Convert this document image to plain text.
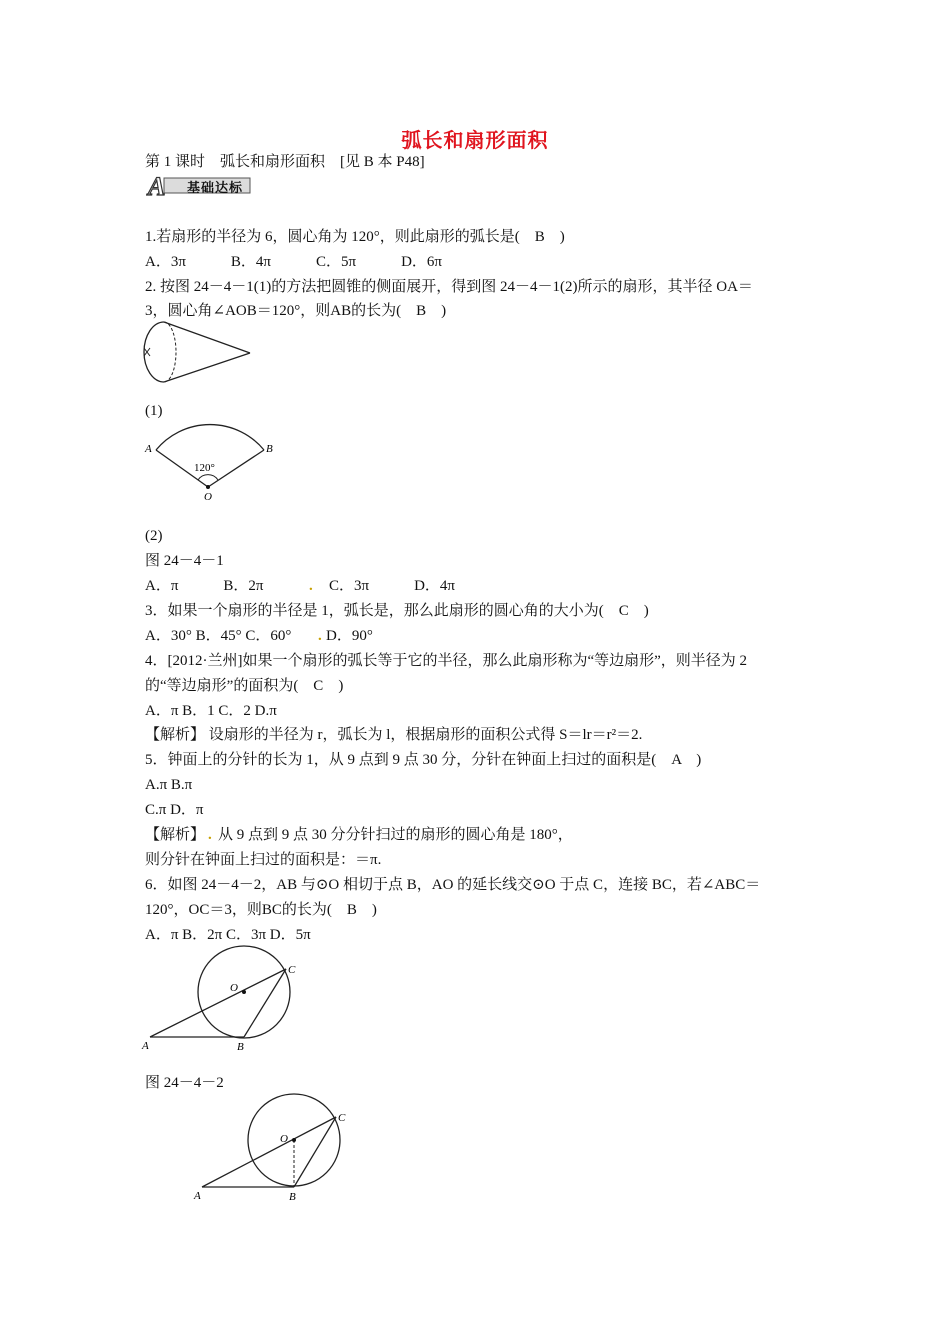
弧长和扇形面积
第 1 课时　弧长和扇形面积　[见 B 本 P48]
A 基础达标
1.若扇形的半径为 6，圆心角为 120°，则此扇形的弧长是(　B　)
A．3π　　　B．4π　　　C．5π　　　D．6π
2. 按图 24－4－1(1)的方法把圆锥的侧面展开，得到图 24－4－1(2)所示的扇形，其半径 OA＝
3，圆心角∠AOB＝120°，则AB的长为(　B　)
(1)
A	B
O
120°
(2)
图 24－4－1
A．π　　　B．2π　　 . C．3π　　　D．4π
3．如果一个扇形的半径是 1，弧长是，那么此扇形的圆心角的大小为(　C　)
A．30° B．45° C．60° . D．90°
4．[2012·兰州]如果一个扇形的弧长等于它的半径，那么此扇形称为“等边扇形”，则半径为 2
的“等边扇形”的面积为(　C　)
A．π B．1 C．2 D.π
【解析】 设扇形的半径为 r，弧长为 l，根据扇形的面积公式得 S＝lr＝r²＝2.
5．钟面上的分针的长为 1，从 9 点到 9 点 30 分，分针在钟面上扫过的面积是(　A　)
A.π B.π
C.π D．π
【解析】 . 从 9 点到 9 点 30 分分针扫过的扇形的圆心角是 180°，
则分针在钟面上扫过的面积是：＝π.
6．如图 24－4－2，AB 与⊙O 相切于点 B，AO 的延长线交⊙O 于点 C，连接 BC，若∠ABC＝
120°，OC＝3，则BC的长为(　B　)
A．π B．2π C．3π D．5π
A	B
O
C
图 24－4－2
A	B
O
C
